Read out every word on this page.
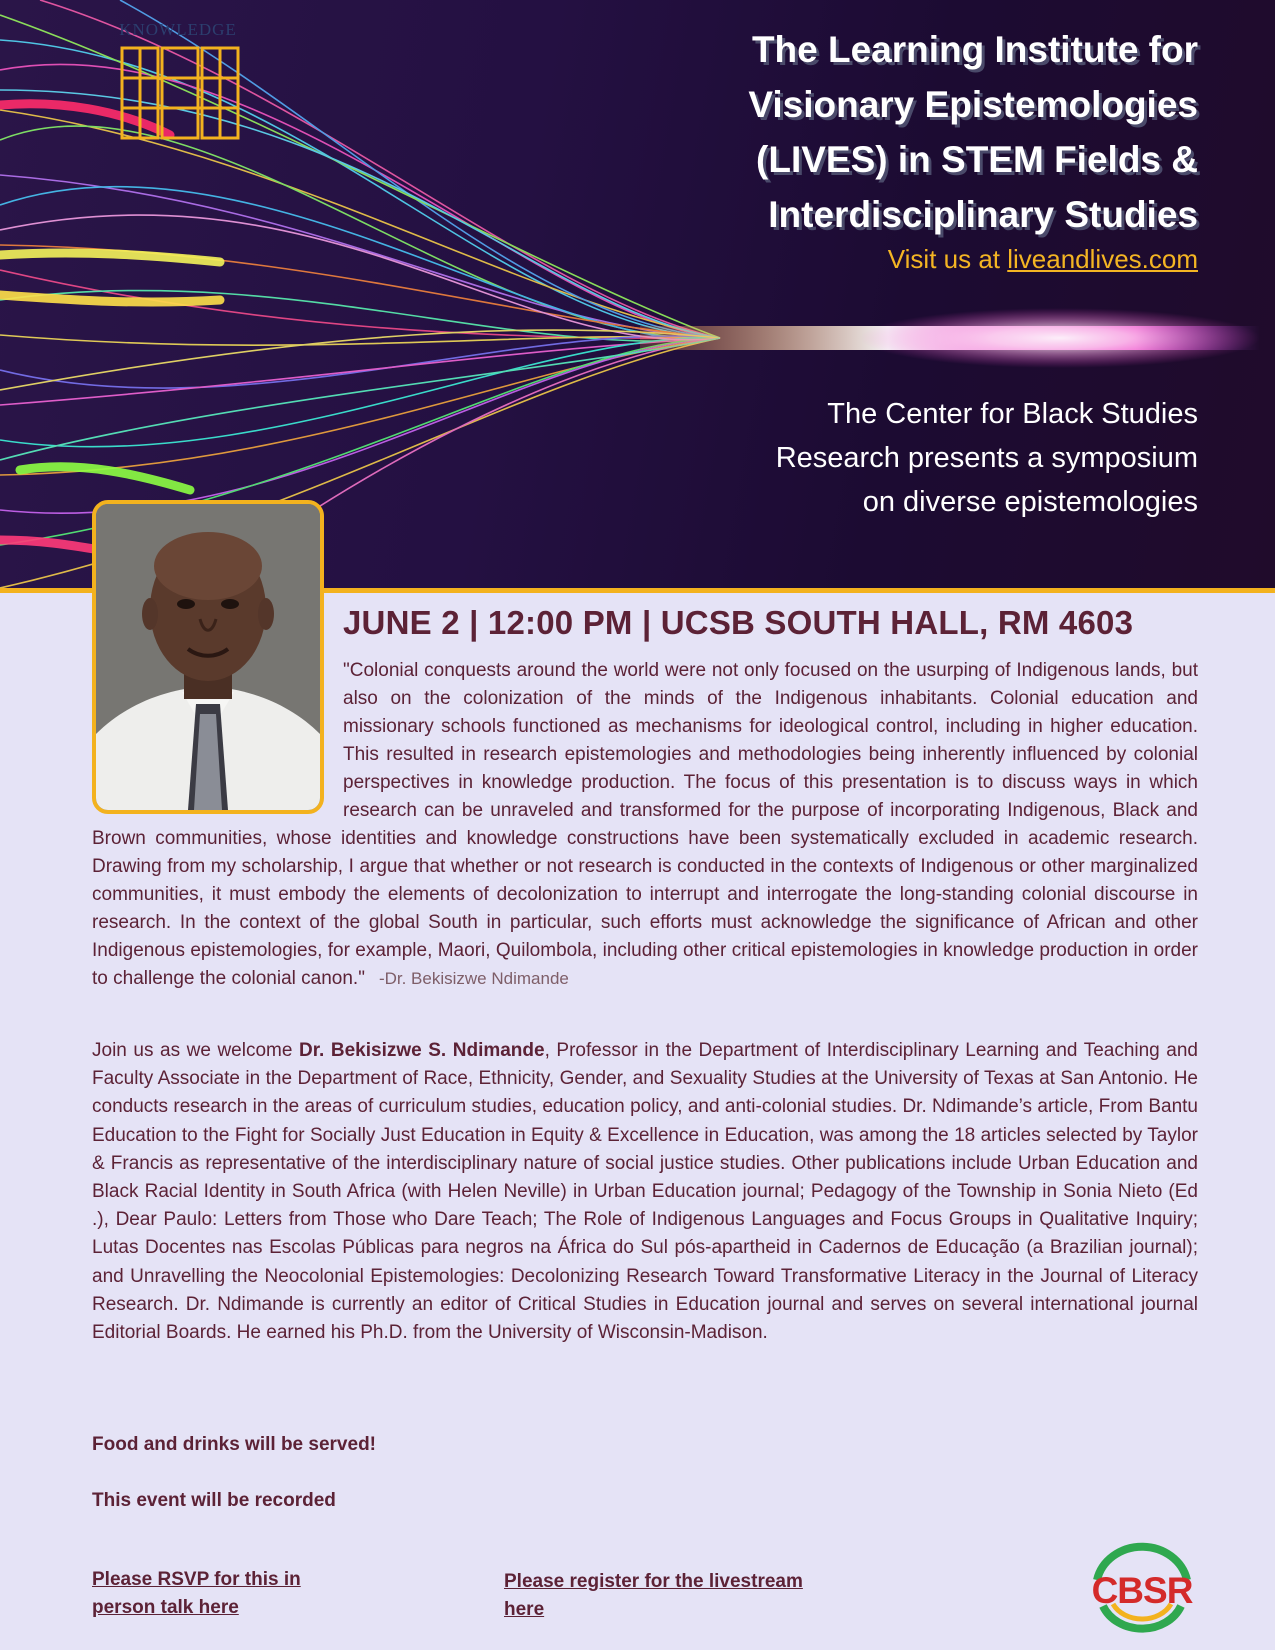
KNOWLEDGE	The Learning Institute for
Visionary Epistemologies
(LIVES) in STEM Fields &
Interdisciplinary Studies
Visit us at liveandlives.com
The Center for Black Studies
Research presents a symposium
on diverse epistemologies
JUNE 2 | 12:00 PM | UCSB SOUTH HALL, RM 4603
"Colonial conquests around the world were not only focused on the usurping of Indigenous lands, but also on the colonization of the minds of the Indigenous inhabitants. Colonial education and missionary schools functioned as mechanisms for ideological control, including in higher education. This resulted in research epistemologies and methodologies being inherently influenced by colonial perspectives in knowledge production. The focus of this presentation is to discuss ways in which research can be unraveled and transformed for the purpose of incorporating Indigenous, Black and Brown communities, whose identities and knowledge constructions have been systematically excluded in academic research. Drawing from my scholarship, I argue that whether or not research is conducted in the contexts of Indigenous or other marginalized communities, it must embody the elements of decolonization to interrupt and interrogate the long-standing colonial discourse in research. In the context of the global South in particular, such efforts must acknowledge the significance of African and other Indigenous epistemologies, for example, Maori, Quilombola, including other critical epistemologies in knowledge production in order to challenge the colonial canon." -Dr. Bekisizwe Ndimande
Join us as we welcome Dr. Bekisizwe S. Ndimande, Professor in the Department of Interdisciplinary Learning and Teaching and Faculty Associate in the Department of Race, Ethnicity, Gender, and Sexuality Studies at the University of Texas at San Antonio. He conducts research in the areas of curriculum studies, education policy, and anti-colonial studies. Dr. Ndimande’s article, From Bantu Education to the Fight for Socially Just Education in Equity & Excellence in Education, was among the 18 articles selected by Taylor & Francis as representative of the interdisciplinary nature of social justice studies. Other publications include Urban Education and Black Racial Identity in South Africa (with Helen Neville) in Urban Education journal; Pedagogy of the Township in Sonia Nieto (Ed .), Dear Paulo: Letters from Those who Dare Teach; The Role of Indigenous Languages and Focus Groups in Qualitative Inquiry; Lutas Docentes nas Escolas Públicas para negros na África do Sul pós-apartheid in Cadernos de Educação (a Brazilian journal); and Unravelling the Neocolonial Epistemologies: Decolonizing Research Toward Transformative Literacy in the Journal of Literacy Research. Dr. Ndimande is currently an editor of Critical Studies in Education journal and serves on several international journal Editorial Boards. He earned his Ph.D. from the University of Wisconsin-Madison.
Food and drinks will be served!
This event will be recorded
Please RSVP for this in
person talk here
Please register for the livestream
here	CBSR
